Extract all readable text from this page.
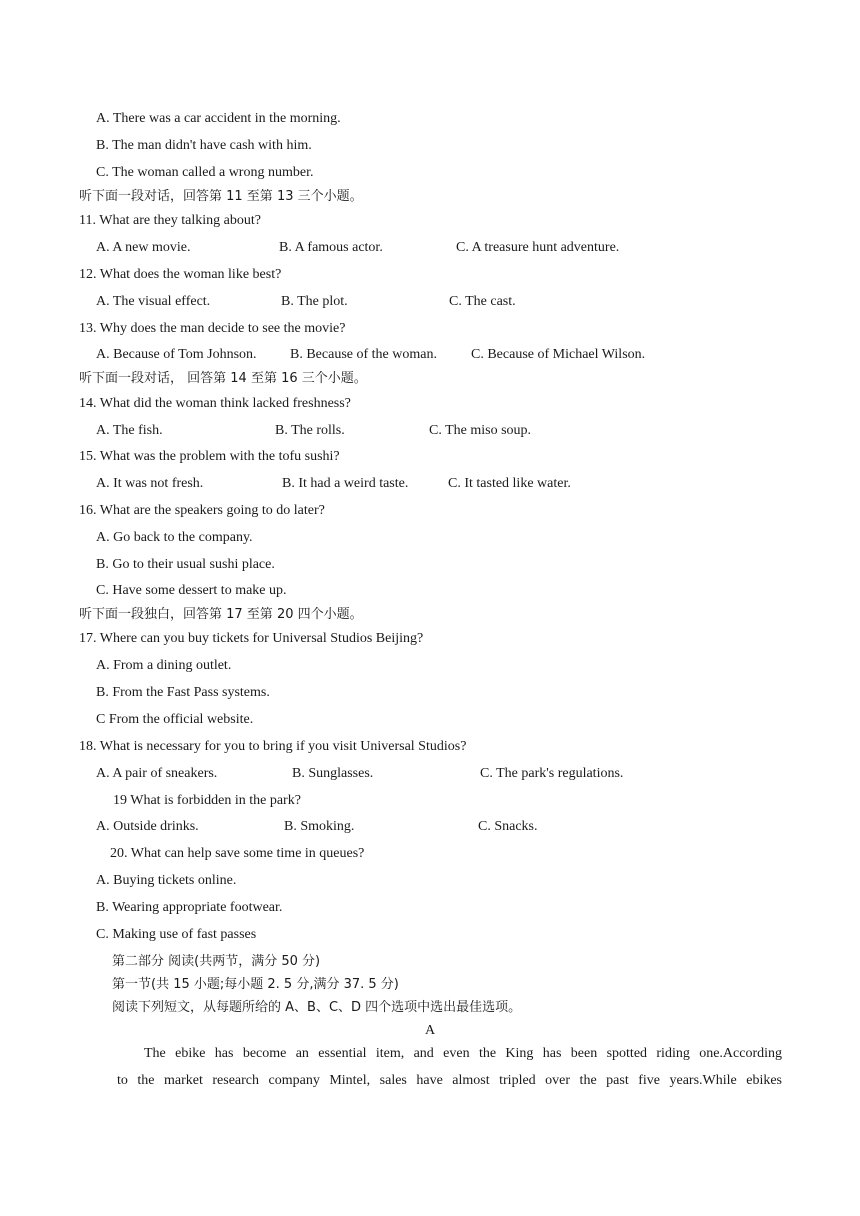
A. There was a car accident in the morning.
B. The man didn't have cash with him.
C. The woman called a wrong number.
听下面一段对话，回答第 11 至第 13 三个小题。
11. What are they talking about?
A. A new movie.	B. A famous actor.	C. A treasure hunt adventure.
12. What does the woman like best?
A. The visual effect.	B. The plot.	C. The cast.
13. Why does the man decide to see the movie?
A. Because of Tom Johnson. B. Because of the woman. C. Because of Michael Wilson.
听下面一段对话， 回答第 14 至第 16 三个小题。
14. What did the woman think lacked freshness?
A. The fish.	B. The rolls.	C. The miso soup.
15. What was the problem with the tofu sushi?
A. It was not fresh.	B. It had a weird taste.	C. It tasted like water.
16. What are the speakers going to do later?
A. Go back to the company.
B. Go to their usual sushi place.
C. Have some dessert to make up.
听下面一段独白，回答第 17 至第 20 四个小题。
17. Where can you buy tickets for Universal Studios Beijing?
A. From a dining outlet.
B. From the Fast Pass systems.
C From the official website.
18. What is necessary for you to bring if you visit Universal Studios?
A. A pair of sneakers.	B. Sunglasses.	C. The park's regulations.
19 What is forbidden in the park?
A. Outside drinks.	B. Smoking.	C. Snacks.
20. What can help save some time in queues?
A. Buying tickets online.
B. Wearing appropriate footwear.
C. Making use of fast passes
第二部分 阅读(共两节，满分 50 分)
第一节(共 15 小题;每小题 2. 5 分,满分 37. 5 分)
阅读下列短文，从每题所给的 A、B、C、D 四个选项中选出最佳选项。
A
The ebike has become an essential item, and even the King has been spotted riding one.According
to the market research company Mintel, sales have almost tripled over the past five years.While ebikes
